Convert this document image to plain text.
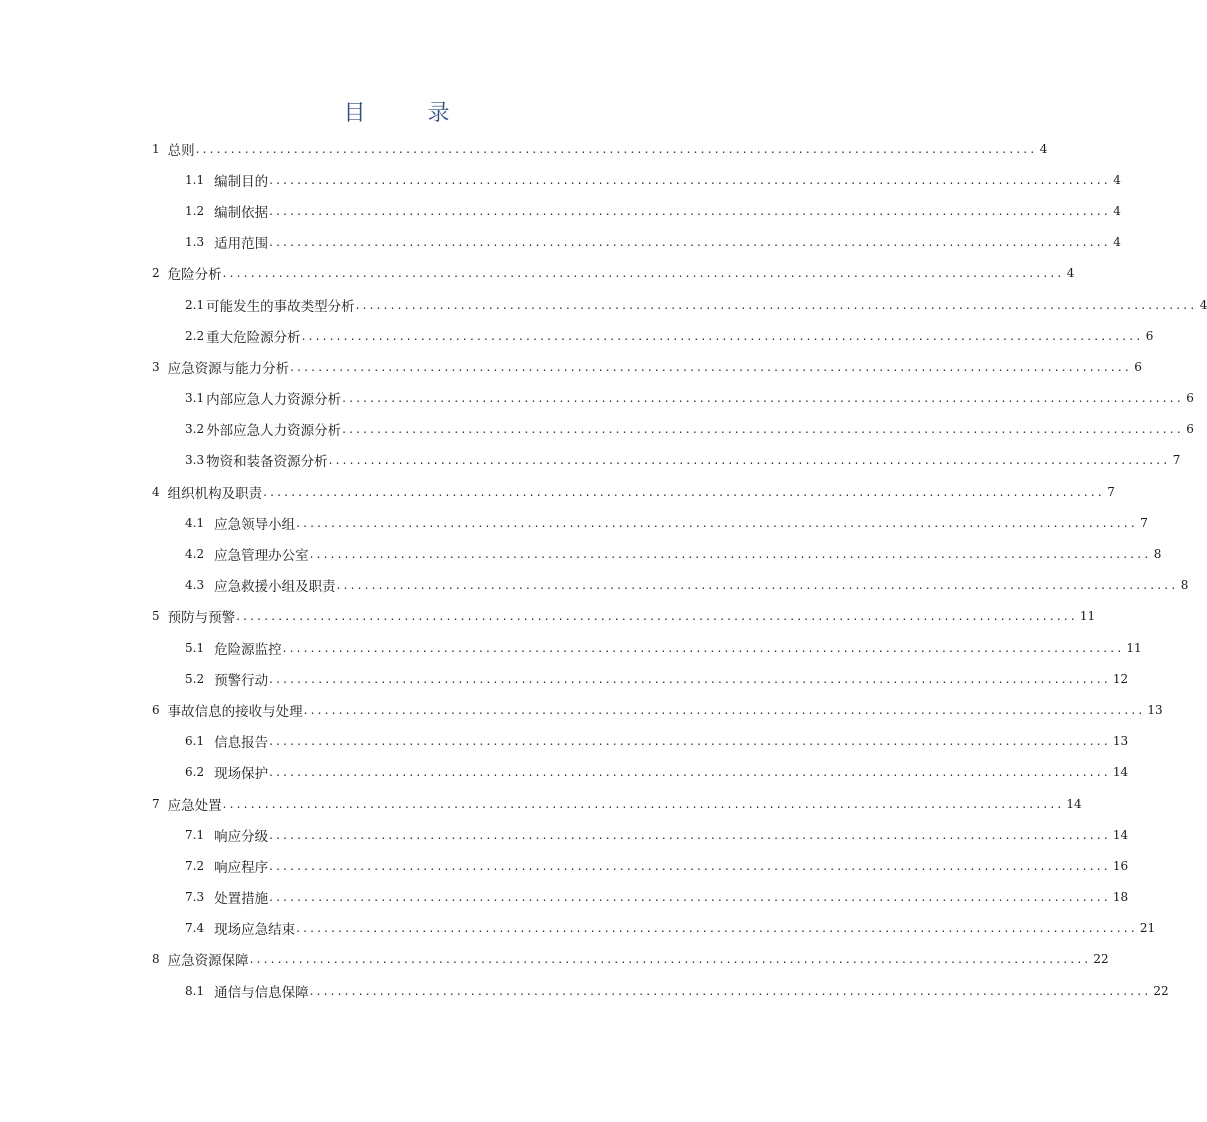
目	录
1 总则 ........................................................................................................................ 4
1.1 编制目的 ........................................................................................................................ 4
1.2 编制依据 ........................................................................................................................ 4
1.3 适用范围 ........................................................................................................................ 4
2 危险分析 ........................................................................................................................ 4
2.1 可能发生的事故类型分析 ........................................................................................................................ 4
2.2 重大危险源分析 ........................................................................................................................ 6
3 应急资源与能力分析 ........................................................................................................................ 6
3.1 内部应急人力资源分析 ........................................................................................................................ 6
3.2 外部应急人力资源分析 ........................................................................................................................ 6
3.3 物资和装备资源分析 ........................................................................................................................ 7
4 组织机构及职责 ........................................................................................................................ 7
4.1 应急领导小组 ........................................................................................................................ 7
4.2 应急管理办公室 ........................................................................................................................ 8
4.3 应急救援小组及职责 ........................................................................................................................ 8
5 预防与预警 ........................................................................................................................ 11
5.1 危险源监控 ........................................................................................................................ 11
5.2 预警行动 ........................................................................................................................ 12
6 事故信息的接收与处理 ........................................................................................................................ 13
6.1 信息报告 ........................................................................................................................ 13
6.2 现场保护 ........................................................................................................................ 14
7 应急处置 ........................................................................................................................ 14
7.1 响应分级 ........................................................................................................................ 14
7.2 响应程序 ........................................................................................................................ 16
7.3 处置措施 ........................................................................................................................ 18
7.4 现场应急结束 ........................................................................................................................ 21
8 应急资源保障 ........................................................................................................................ 22
8.1 通信与信息保障 ........................................................................................................................ 22
